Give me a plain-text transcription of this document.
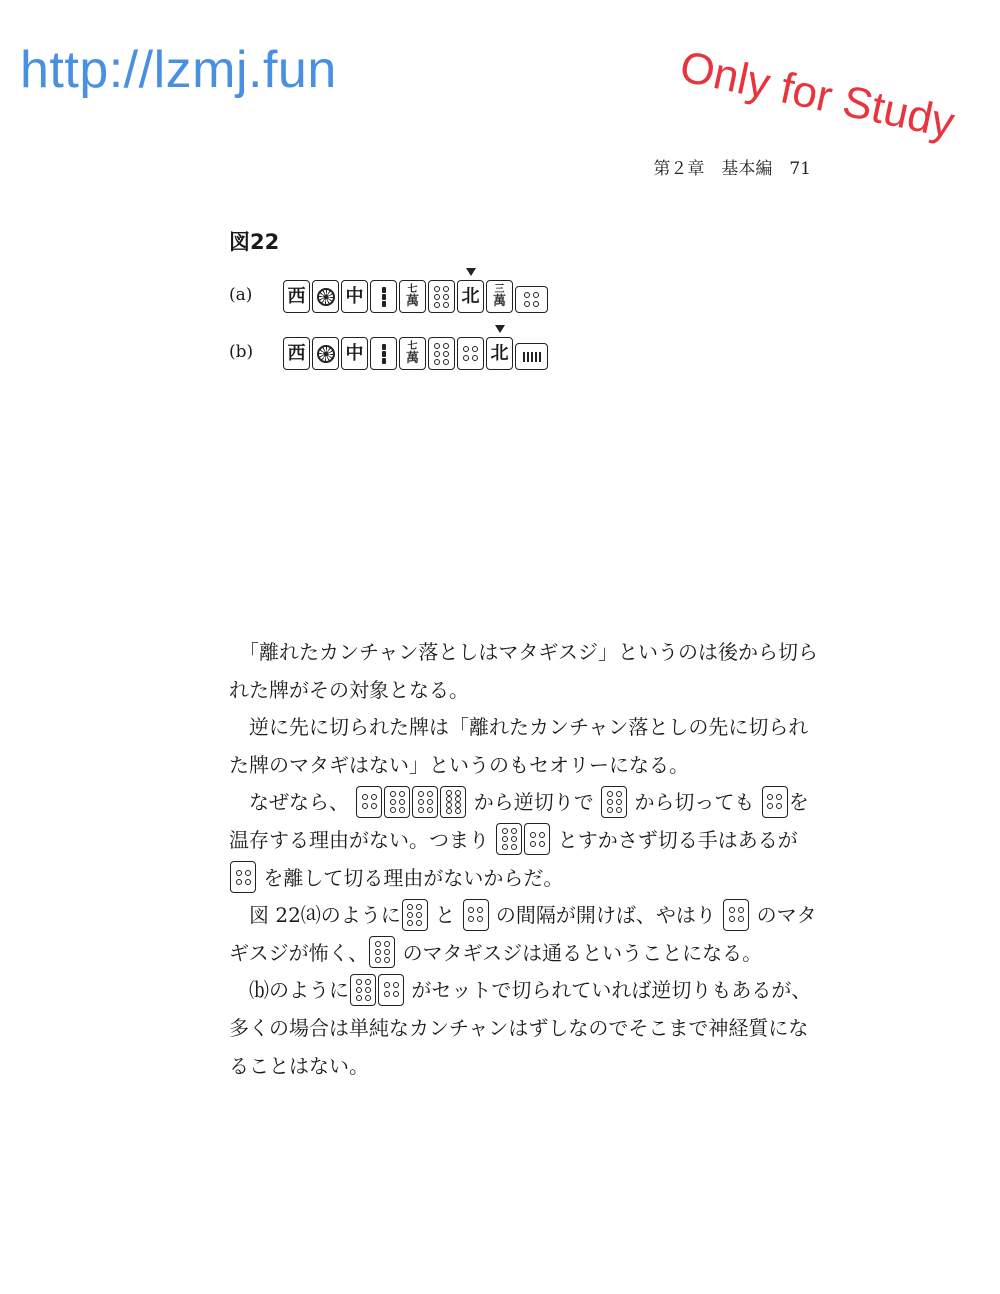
http://lzmj.fun	Only for Study
第２章　基本編　71
図22
(a) 西 中	七
萬 北 三
萬
(b) 西 中	七
萬	北

「離れたカンチャン落としはマタギスジ」というのは後から切られた牌がその対象となる。

逆に先に切られた牌は「離れたカンチャン落としの先に切られた牌のマタギはない」というのもセオリーになる。

なぜなら、	から逆切りで から切っても を温存する理由がない。つまり	とすかさず切る手はあるが
を離して切る理由がないからだ。

図 22⒜のように と の間隔が開けば、やはり のマタギスジが怖く、 のマタギスジは通るということになる。

⒝のように	がセットで切られていれば逆切りもあるが、多くの場合は単純なカンチャンはずしなのでそこまで神経質になることはない。
